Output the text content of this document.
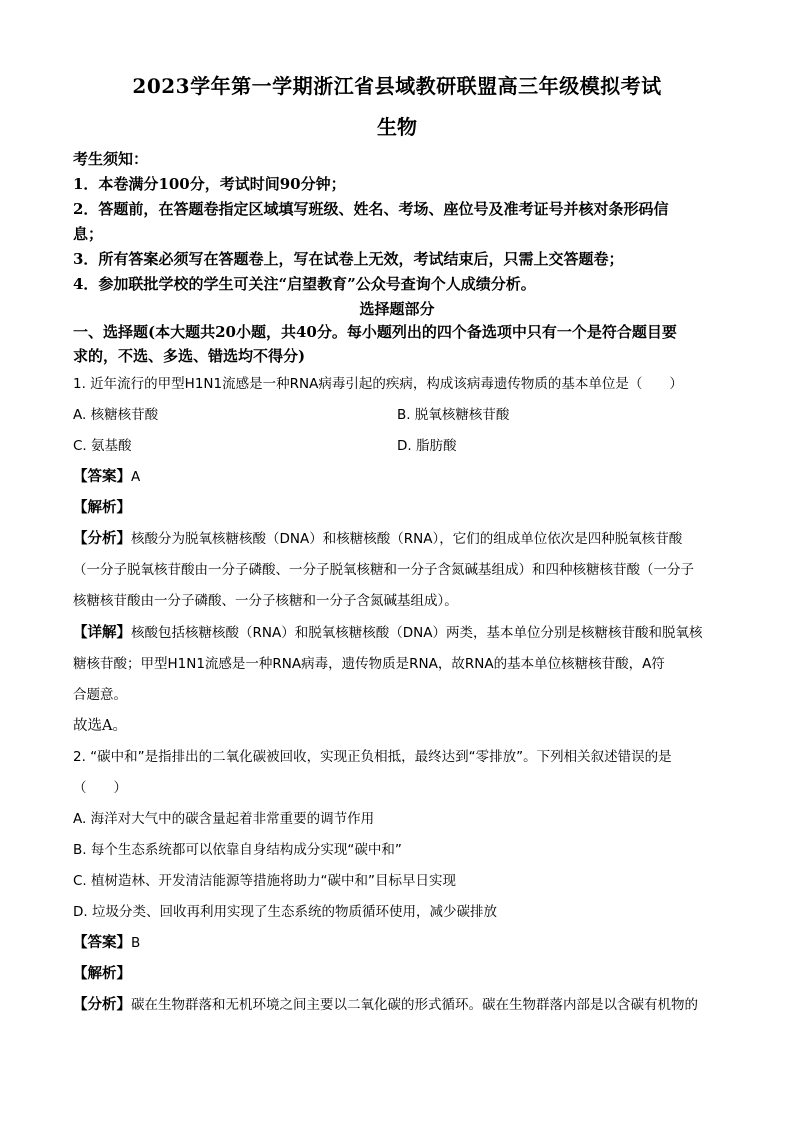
2023学年第一学期浙江省县域教研联盟高三年级模拟考试
生物
考生须知：
1．本卷满分100分，考试时间90分钟；
2．答题前，在答题卷指定区域填写班级、姓名、考场、座位号及准考证号并核对条形码信
息；
3．所有答案必须写在答题卷上，写在试卷上无效，考试结束后，只需上交答题卷；
4．参加联批学校的学生可关注“启望教育”公众号查询个人成绩分析。
选择题部分
一、选择题(本大题共20小题，共40分。每小题列出的四个备选项中只有一个是符合题目要
求的，不选、多选、错选均不得分)
1. 近年流行的甲型H1N1流感是一种RNA病毒引起的疾病，构成该病毒遗传物质的基本单位是（　　）
A. 核糖核苷酸	B. 脱氧核糖核苷酸
C. 氨基酸	D. 脂肪酸
【答案】A
【解析】
【分析】核酸分为脱氧核糖核酸（DNA）和核糖核酸（RNA），它们的组成单位依次是四种脱氧核苷酸
（一分子脱氧核苷酸由一分子磷酸、一分子脱氧核糖和一分子含氮碱基组成）和四种核糖核苷酸（一分子
核糖核苷酸由一分子磷酸、一分子核糖和一分子含氮碱基组成）。
【详解】核酸包括核糖核酸（RNA）和脱氧核糖核酸（DNA）两类，基本单位分别是核糖核苷酸和脱氧核
糖核苷酸；甲型H1N1流感是一种RNA病毒，遗传物质是RNA，故RNA的基本单位核糖核苷酸，A符
合题意。
故选A。
2. “碳中和”是指排出的二氧化碳被回收，实现正负相抵，最终达到“零排放”。下列相关叙述错误的是
（　　）
A. 海洋对大气中的碳含量起着非常重要的调节作用
B. 每个生态系统都可以依靠自身结构成分实现“碳中和”
C. 植树造林、开发清洁能源等措施将助力“碳中和”目标早日实现
D. 垃圾分类、回收再利用实现了生态系统的物质循环使用，减少碳排放
【答案】B
【解析】
【分析】碳在生物群落和无机环境之间主要以二氧化碳的形式循环。碳在生物群落内部是以含碳有机物的
